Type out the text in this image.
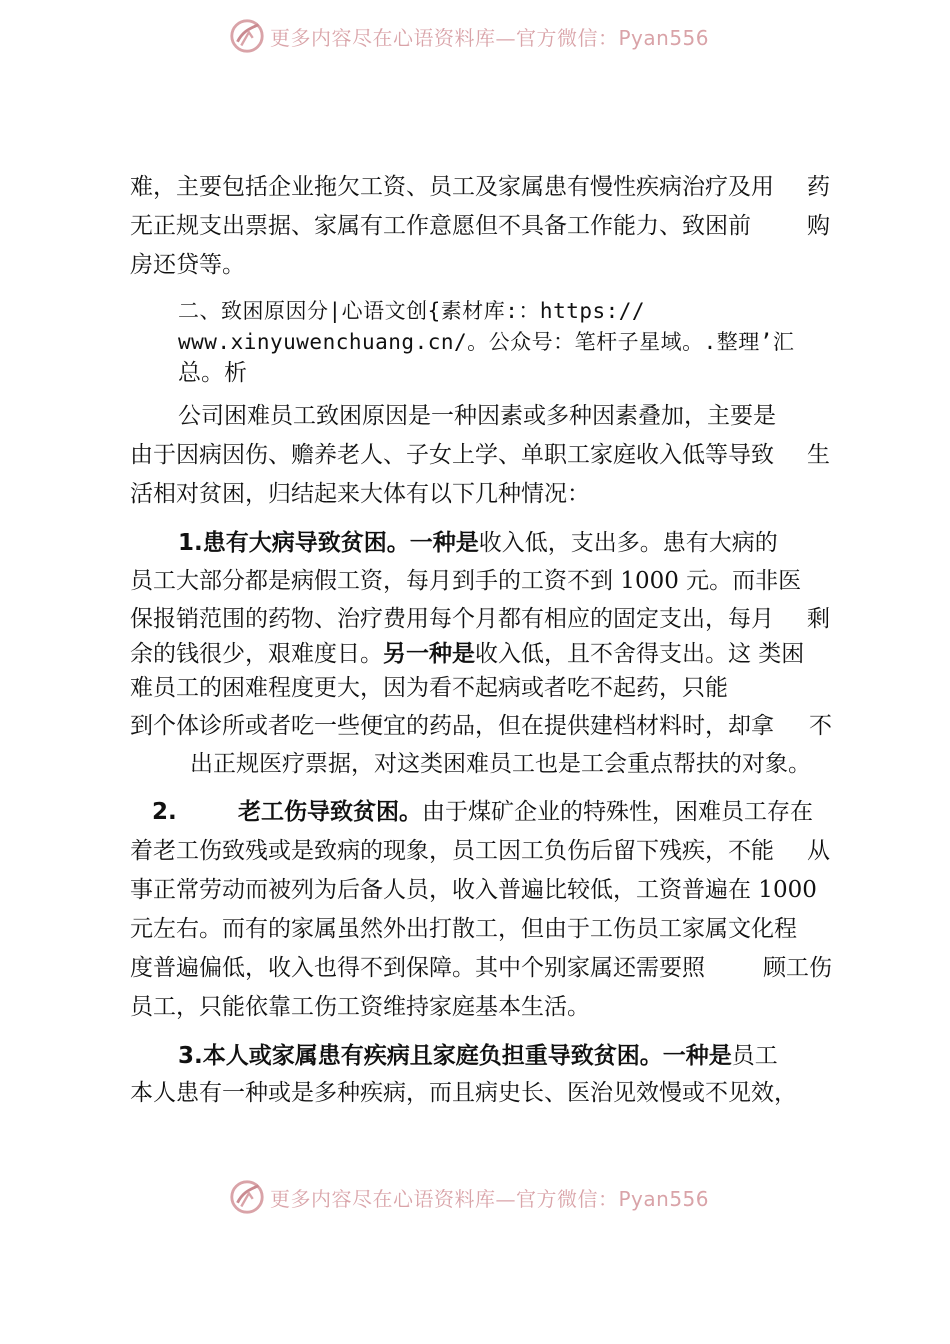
更多内容尽在心语资料库—官方微信：Pyan556
难，主要包括企业拖欠工资、员工及家属患有慢性疾病治疗及用 药
无正规支出票据、家属有工作意愿但不具备工作能力、致困前 购
房还贷等。
二、致困原因分|心语文创{素材库:：https://
www.xinyuwenchuang.cn/。公众号：笔杆子星域。.整理’汇
总。析
公司困难员工致困原因是一种因素或多种因素叠加，主要是
由于因病因伤、赡养老人、子女上学、单职工家庭收入低等导致 生
活相对贫困，归结起来大体有以下几种情况：
1.患有大病导致贫困。一种是收入低，支出多。患有大病的
员工大部分都是病假工资，每月到手的工资不到 1000 元。而非医
保报销范围的药物、治疗费用每个月都有相应的固定支出，每月 剩
余的钱很少，艰难度日。另一种是收入低，且不舍得支出。这 类困
难员工的困难程度更大，因为看不起病或者吃不起药，只能
到个体诊所或者吃一些便宜的药品，但在提供建档材料时，却拿 不
出正规医疗票据，对这类困难员工也是工会重点帮扶的对象。
2.	老工伤导致贫困。由于煤矿企业的特殊性，困难员工存在
着老工伤致残或是致病的现象，员工因工负伤后留下残疾，不能 从
事正常劳动而被列为后备人员，收入普遍比较低，工资普遍在 1000
元左右。而有的家属虽然外出打散工，但由于工伤员工家属文化程
度普遍偏低，收入也得不到保障。其中个别家属还需要照	顾工伤
员工，只能依靠工伤工资维持家庭基本生活。
3.本人或家属患有疾病且家庭负担重导致贫困。一种是员工
本人患有一种或是多种疾病，而且病史长、医治见效慢或不见效，
更多内容尽在心语资料库—官方微信：Pyan556
